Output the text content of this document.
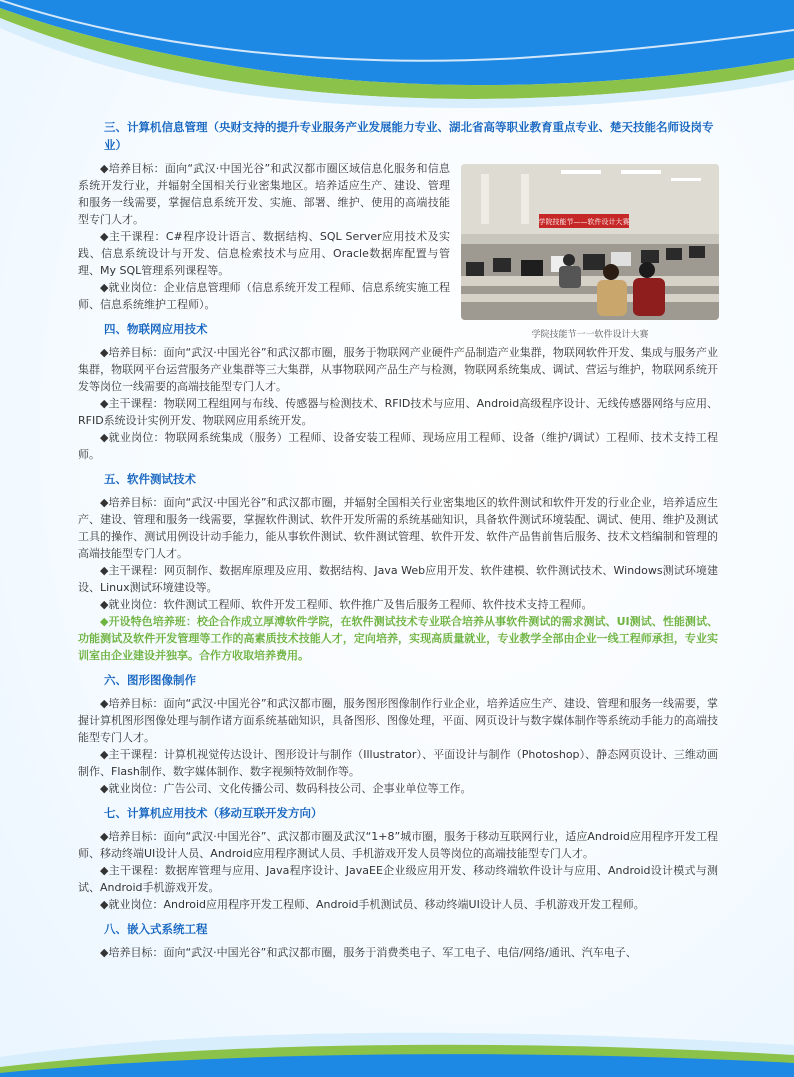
三、计算机信息管理（央财支持的提升专业服务产业发展能力专业、湖北省高等职业教育重点专业、楚天技能名师设岗专业）

◆培养目标：面向“武汉·中国光谷”和武汉都市圈区域信息化服务和信息系统开发行业，并辐射全国相关行业密集地区。培养适应生产、建设、管理和服务一线需要，掌握信息系统开发、实施、部署、维护、使用的高端技能型专门人才。

◆主干课程：C#程序设计语言、数据结构、SQL Server应用技术及实践、信息系统设计与开发、信息检索技术与应用、Oracle数据库配置与管理、My SQL管理系列课程等。

◆就业岗位：企业信息管理师（信息系统开发工程师、信息系统实施工程师、信息系统维护工程师）。

四、物联网应用技术

◆培养目标：面向“武汉·中国光谷”和武汉都市圈，服务于物联网产业硬件产品制造产业集群，物联网软件开发、集成与服务产业集群，物联网平台运营服务产业集群等三大集群，从事物联网产品生产与检测，物联网系统集成、调试、营运与维护，物联网系统开发等岗位一线需要的高端技能型专门人才。

◆主干课程：物联网工程组网与布线、传感器与检测技术、RFID技术与应用、Android高级程序设计、无线传感器网络与应用、RFID系统设计实例开发、物联网应用系统开发。

◆就业岗位：物联网系统集成（服务）工程师、设备安装工程师、现场应用工程师、设备（维护/调试）工程师、技术支持工程师。

五、软件测试技术

◆培养目标：面向“武汉·中国光谷”和武汉都市圈，并辐射全国相关行业密集地区的软件测试和软件开发的行业企业，培养适应生产、建设、管理和服务一线需要，掌握软件测试、软件开发所需的系统基础知识，具备软件测试环境装配、调试、使用、维护及测试工具的操作、测试用例设计动手能力，能从事软件测试、软件测试管理、软件开发、软件产品售前售后服务、技术文档编制和管理的高端技能型专门人才。

◆主干课程：网页制作、数据库原理及应用、数据结构、Java Web应用开发、软件建模、软件测试技术、Windows测试环境建设、Linux测试环境建设等。

◆就业岗位：软件测试工程师、软件开发工程师、软件推广及售后服务工程师、软件技术支持工程师。

◆开设特色培养班：校企合作成立厚溥软件学院，在软件测试技术专业联合培养从事软件测试的需求测试、UI测试、性能测试、功能测试及软件开发管理等工作的高素质技术技能人才，定向培养，实现高质量就业，专业教学全部由企业一线工程师承担，专业实训室由企业建设并独享。合作方收取培养费用。

六、图形图像制作

◆培养目标：面向“武汉·中国光谷”和武汉都市圈，服务图形图像制作行业企业，培养适应生产、建设、管理和服务一线需要，掌握计算机图形图像处理与制作诸方面系统基础知识，具备图形、图像处理，平面、网页设计与数字媒体制作等系统动手能力的高端技能型专门人才。

◆主干课程：计算机视觉传达设计、图形设计与制作（Illustrator）、平面设计与制作（Photoshop）、静态网页设计、三维动画制作、Flash制作、数字媒体制作、数字视频特效制作等。

◆就业岗位：广告公司、文化传播公司、数码科技公司、企事业单位等工作。

七、计算机应用技术（移动互联开发方向）

◆培养目标：面向“武汉·中国光谷”、武汉都市圈及武汉“1+8”城市圈，服务于移动互联网行业，适应Android应用程序开发工程师、移动终端UI设计人员、Android应用程序测试人员、手机游戏开发人员等岗位的高端技能型专门人才。

◆主干课程：数据库管理与应用、Java程序设计、JavaEE企业级应用开发、移动终端软件设计与应用、Android设计模式与测试、Android手机游戏开发。

◆就业岗位：Android应用程序开发工程师、Android手机测试员、移动终端UI设计人员、手机游戏开发工程师。

八、嵌入式系统工程

◆培养目标：面向“武汉·中国光谷”和武汉都市圈，服务于消费类电子、军工电子、电信/网络/通讯、汽车电子、

学院技能节——软件设计大赛
学院技能节一一软件设计大赛
